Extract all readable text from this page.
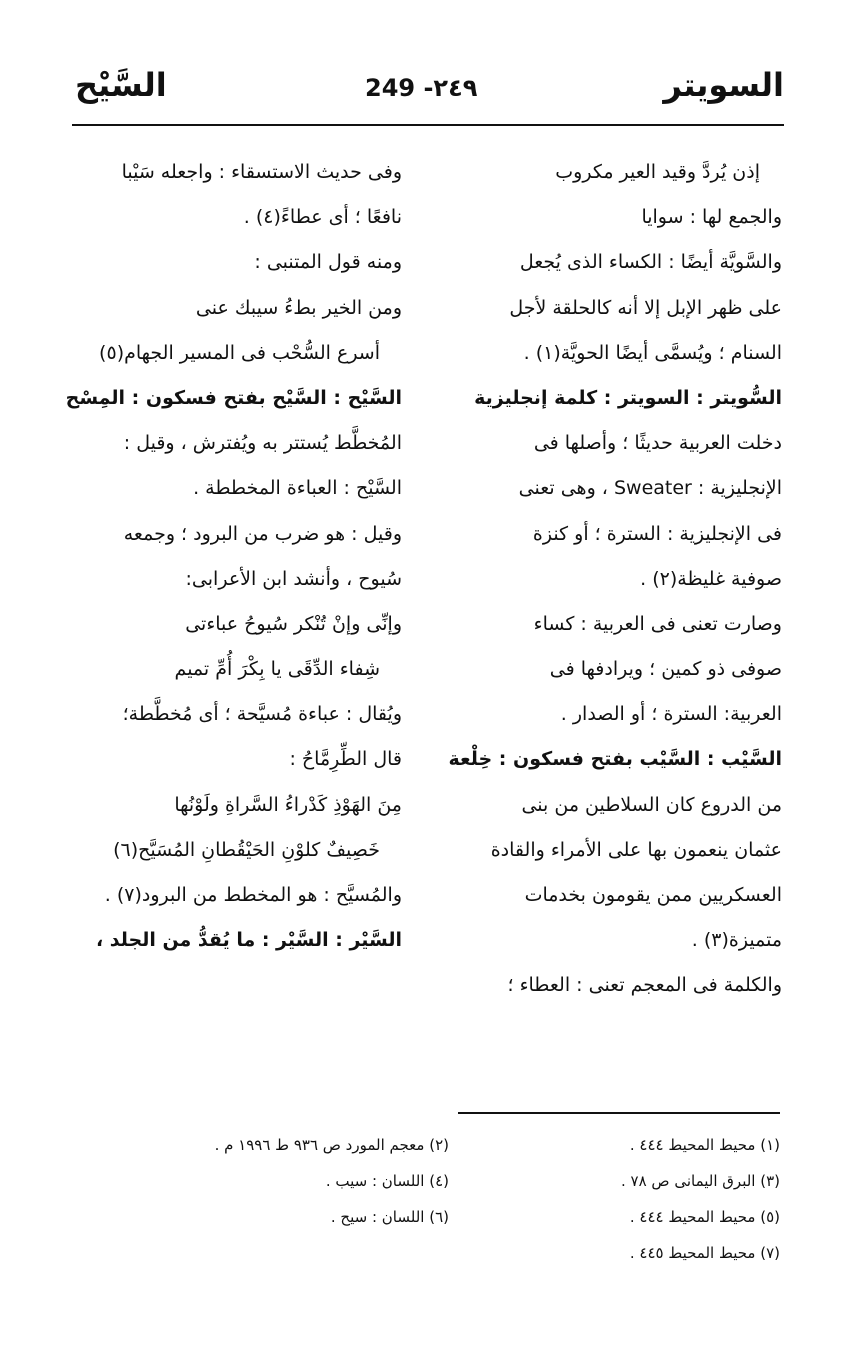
السويتر
249 -٢٤٩
السَّيْح
إذن يُردَّ وقيد العير مكروب
والجمع لها : سوايا
والسَّويَّة أيضًا : الكساء الذى يُجعل
على ظهر الإبل إلا أنه كالحلقة لأجل
السنام ؛ ويُسمَّى أيضًا الحويَّة(١) .
السُّويتر : السويتر : كلمة إنجليزية
دخلت العربية حديثًا ؛ وأصلها فى
الإنجليزية : Sweater ، وهى تعنى
فى الإنجليزية : السترة ؛ أو كنزة
صوفية غليظة(٢) .
وصارت تعنى فى العربية : كساء
صوفى ذو كمين ؛ ويرادفها فى
العربية: السترة ؛ أو الصدار .
السَّيْب : السَّيْب بفتح فسكون : خِلْعة
من الدروع كان السلاطين من بنى
عثمان ينعمون بها على الأمراء والقادة
العسكريين ممن يقومون بخدمات
متميزة(٣) .
والكلمة فى المعجم تعنى : العطاء ؛
وفى حديث الاستسقاء : واجعله سَيْبا
نافعًا ؛ أى عطاءً(٤) .
ومنه قول المتنبى :
ومن الخير بطءُ سيبك عنى
أسرع السُّحْب فى المسير الجهام(٥)
السَّيْح : السَّيْح بفتح فسكون : المِسْح
المُخطَّط يُستتر به ويُفترش ، وقيل :
السَّيْح : العباءة المخططة .
وقيل : هو ضرب من البرود ؛ وجمعه
سُيوح ، وأنشد ابن الأعرابى:
وإنِّى وإنْ تُنْكر سُيوحُ عباءتى
شِفاء الدِّقَى يا بِكْرَ أُمِّ تميم
ويُقال : عباءة مُسيَّحة ؛ أى مُخطَّطة؛
قال الطِّرِمَّاحُ :
مِنَ الهَوْذِ كَدْراءُ السَّراةِ ولَوْنُها
خَصِيفٌ كلوْنِ الحَيْقُطانِ المُسَيَّح(٦)
والمُسيَّح : هو المخطط من البرود(٧) .
السَّيْر : السَّيْر : ما يُقدُّ من الجلد ،
(١) محيط المحيط ٤٤٤ .
(٣) البرق اليمانى ص ٧٨ .
(٥) محيط المحيط ٤٤٤ .
(٧) محيط المحيط ٤٤٥ .
(٢) معجم المورد ص ٩٣٦ ط ١٩٩٦ م .
(٤) اللسان : سيب .
(٦) اللسان : سيح .
